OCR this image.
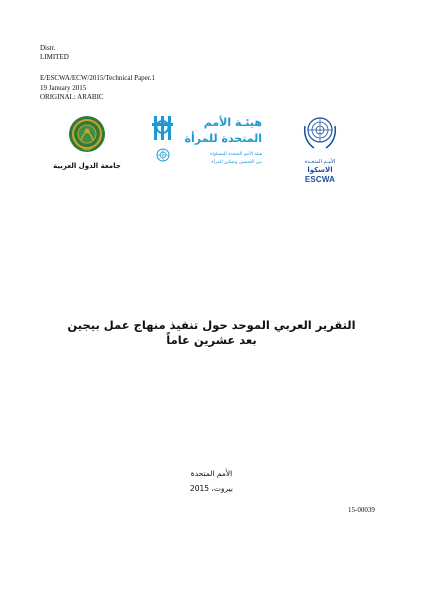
Distr.
LIMITED
E/ESCWA/ECW/2015/Technical Paper.1
19 January 2015
ORIGINAL: ARABIC
جامعة الدول العربية
هيئـة الأمم
المتحدة للمرأة
هيئة الأمم المتحدة للمساواة
بين الجنسين وتمكين المرأة	الأمـم المتحـدة
الاسكوا
ESCWA
التقرير العربي الموحد حول تنفيذ منهاج عمل بيجين
بعد عشرين عاماً
الأمم المتحدة
بيروت، 2015
15-00039
